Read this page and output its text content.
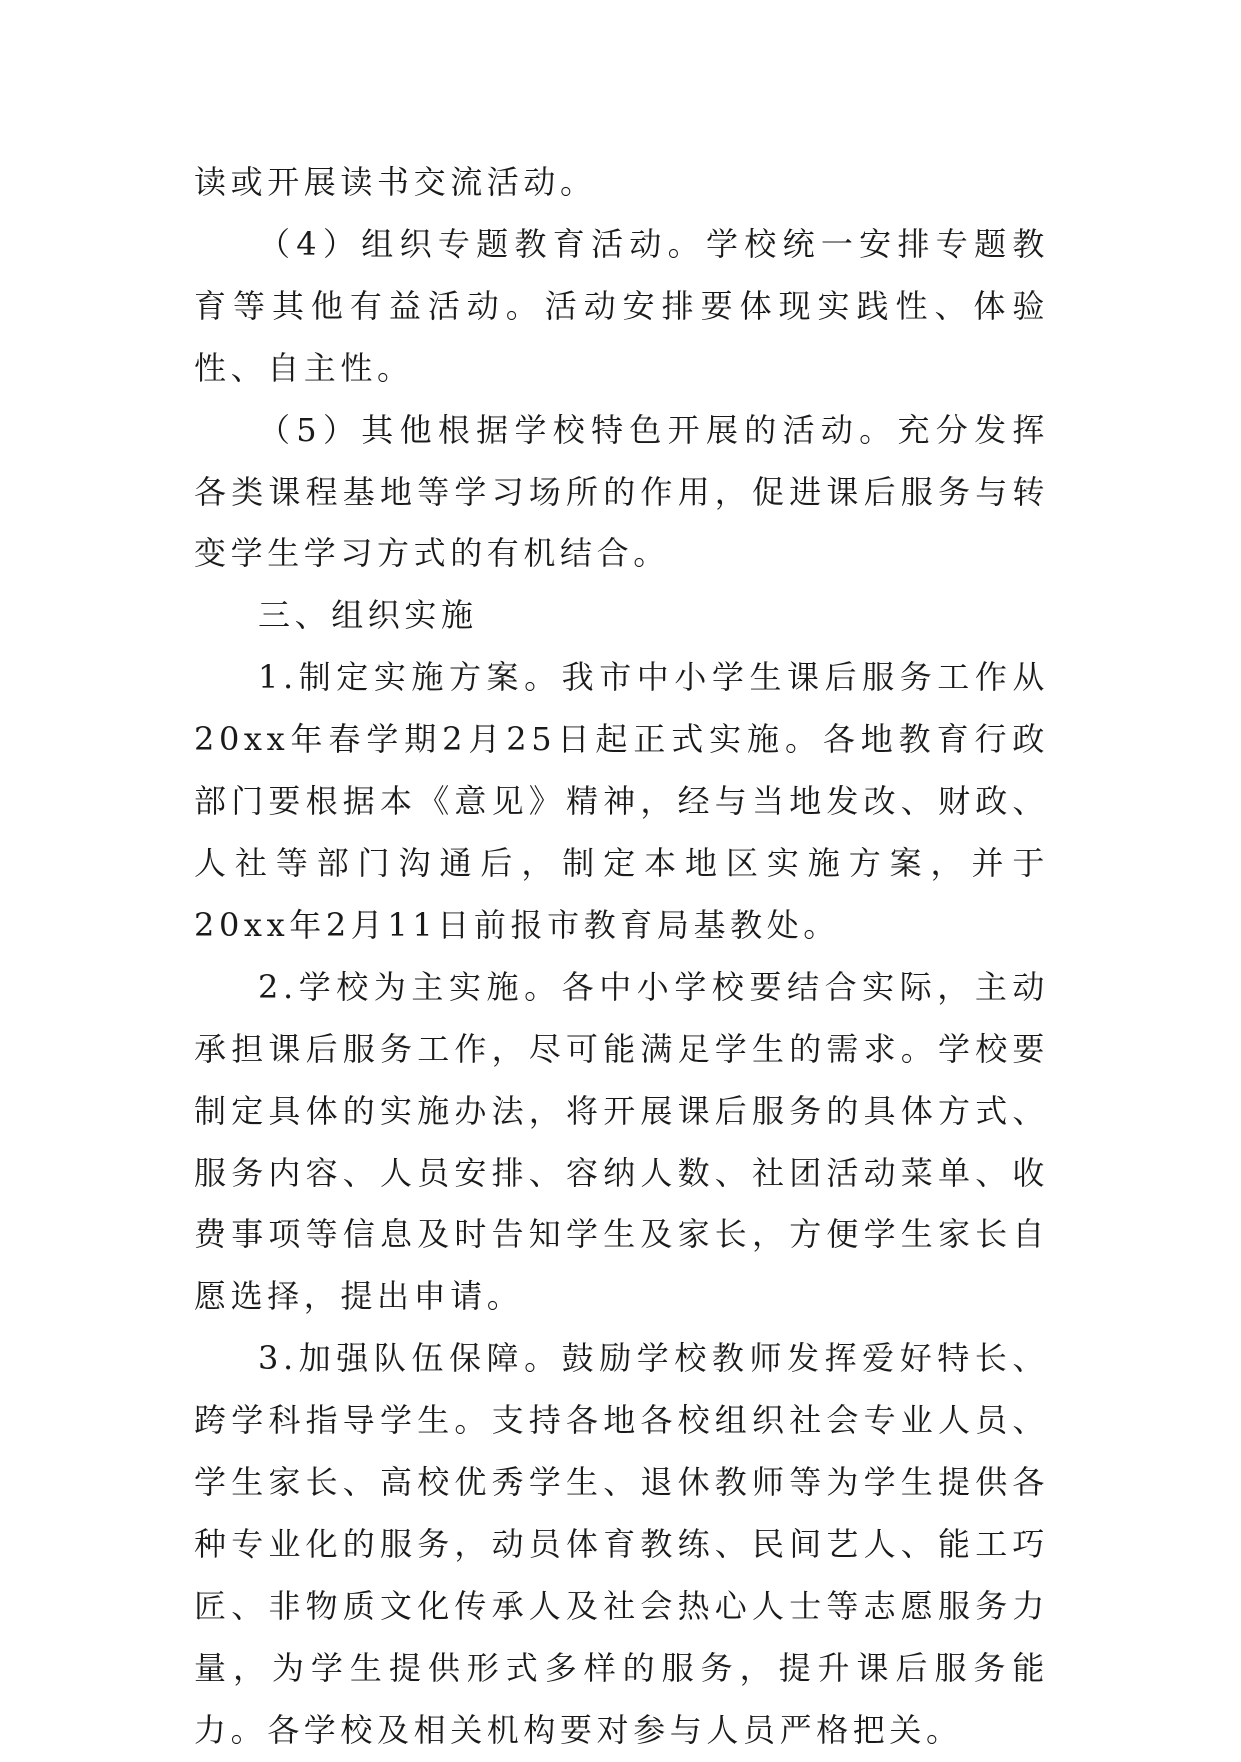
读或开展读书交流活动。

（4）组织专题教育活动。学校统一安排专题教育等其他有益活动。活动安排要体现实践性、体验性、自主性。

（5）其他根据学校特色开展的活动。充分发挥各类课程基地等学习场所的作用，促进课后服务与转变学生学习方式的有机结合。

三、组织实施

1.制定实施方案。我市中小学生课后服务工作从20xx年春学期2月25日起正式实施。各地教育行政部门要根据本《意见》精神，经与当地发改、财政、人社等部门沟通后，制定本地区实施方案，并于20xx年2月11日前报市教育局基教处。

2.学校为主实施。各中小学校要结合实际，主动承担课后服务工作，尽可能满足学生的需求。学校要制定具体的实施办法，将开展课后服务的具体方式、服务内容、人员安排、容纳人数、社团活动菜单、收费事项等信息及时告知学生及家长，方便学生家长自愿选择，提出申请。

3.加强队伍保障。鼓励学校教师发挥爱好特长、跨学科指导学生。支持各地各校组织社会专业人员、学生家长、高校优秀学生、退休教师等为学生提供各种专业化的服务，动员体育教练、民间艺人、能工巧匠、非物质文化传承人及社会热心人士等志愿服务力量，为学生提供形式多样的服务，提升课后服务能力。各学校及相关机构要对参与人员严格把关。
